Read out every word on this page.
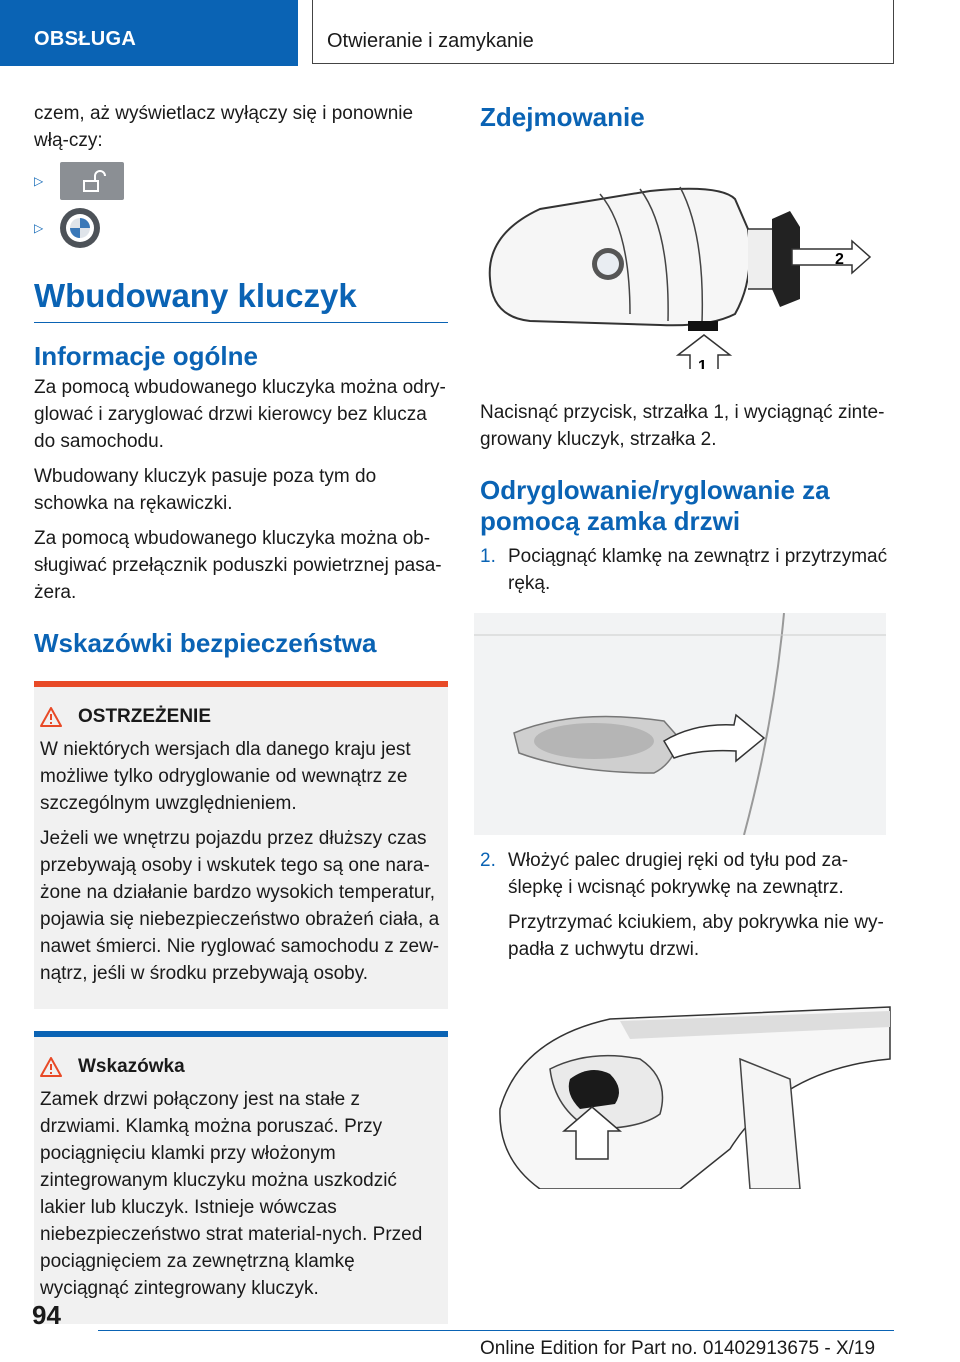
OBSŁUGA	Otwieranie i zamykanie

czem, aż wyświetlacz wyłączy się i ponownie włą-czy:

▷
▷
Wbudowany kluczyk
Informacje ogólne

Za pomocą wbudowanego kluczyka można odry-glować i zaryglować drzwi kierowcy bez klucza do samochodu.

Wbudowany kluczyk pasuje poza tym do schowka na rękawiczki.

Za pomocą wbudowanego kluczyka można ob-sługiwać przełącznik poduszki powietrznej pasa-żera.

Wskazówki bezpieczeństwa
OSTRZEŻENIE

W niektórych wersjach dla danego kraju jest możliwe tylko odryglowanie od wewnątrz ze szczególnym uwzględnieniem.

Jeżeli we wnętrzu pojazdu przez dłuższy czas przebywają osoby i wskutek tego są one nara-żone na działanie bardzo wysokich temperatur, pojawia się niebezpieczeństwo obrażeń ciała, a nawet śmierci. Nie ryglować samochodu z zew-nątrz, jeśli w środku przebywają osoby.

Wskazówka

Zamek drzwi połączony jest na stałe z drzwiami. Klamką można poruszać. Przy pociągnięciu klamki przy włożonym zintegrowanym kluczyku można uszkodzić lakier lub kluczyk. Istnieje wówczas niebezpieczeństwo strat material-nych. Przed pociągnięciem za zewnętrzną klamkę wyciągnąć zintegrowany kluczyk.

Zdejmowanie
2
1

Nacisnąć przycisk, strzałka 1, i wyciągnąć zinte-growany kluczyk, strzałka 2.

Odryglowanie/ryglowanie za pomocą zamka drzwi
1. Pociągnąć klamkę na zewnątrz i przytrzymać ręką.
2. Włożyć palec drugiej ręki od tyłu pod za-ślepkę i wcisnąć pokrywkę na zewnątrz.

Przytrzymać kciukiem, aby pokrywka nie wy-padła z uchwytu drzwi.

94
Online Edition for Part no. 01402913675 - X/19
